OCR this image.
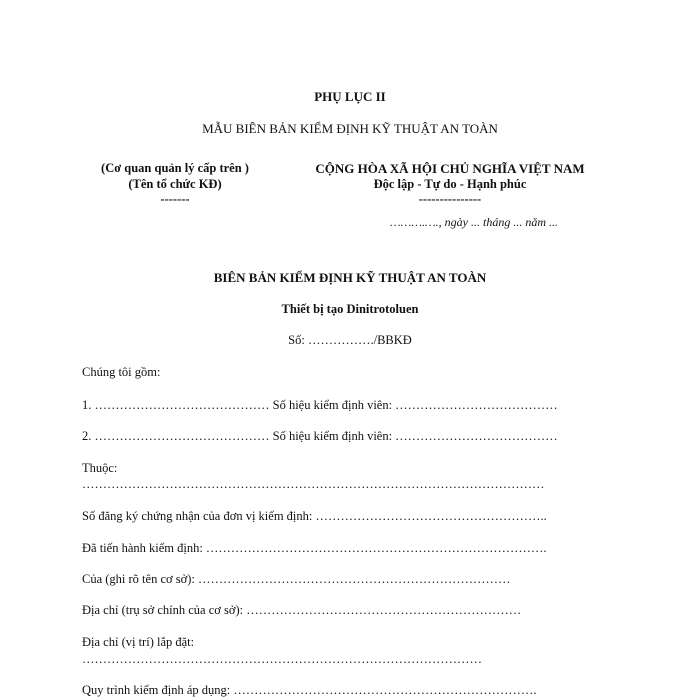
PHỤ LỤC II
MẪU BIÊN BẢN KIỂM ĐỊNH KỸ THUẬT AN TOÀN
(Cơ quan quản lý cấp trên )
(Tên tổ chức KĐ)
-------
CỘNG HÒA XÃ HỘI CHỦ NGHĨA VIỆT NAM
Độc lập - Tự do - Hạnh phúc
---------------
……….…., ngày ... tháng ... năm ...
BIÊN BẢN KIỂM ĐỊNH KỸ THUẬT AN TOÀN
Thiết bị tạo Dinitrotoluen
Số: ……………./BBKĐ
Chúng tôi gồm:
1. …………………………………… Số hiệu kiểm định viên: …………………………………
2. …………………………………… Số hiệu kiểm định viên: …………………………………
Thuộc:
…………………………………………………………………………………………………
Số đăng ký chứng nhận của đơn vị kiểm định: ………………………………………………..
Đã tiến hành kiểm định: ……………………………………………………………………….
Của (ghi rõ tên cơ sở): …………………………………………………………………
Địa chỉ (trụ sở chính của cơ sở): …………………………………………………………
Địa chỉ (vị trí) lắp đặt:
……………………………………………………………………………………
Quy trình kiểm định áp dụng: ……………………………………………………………….
